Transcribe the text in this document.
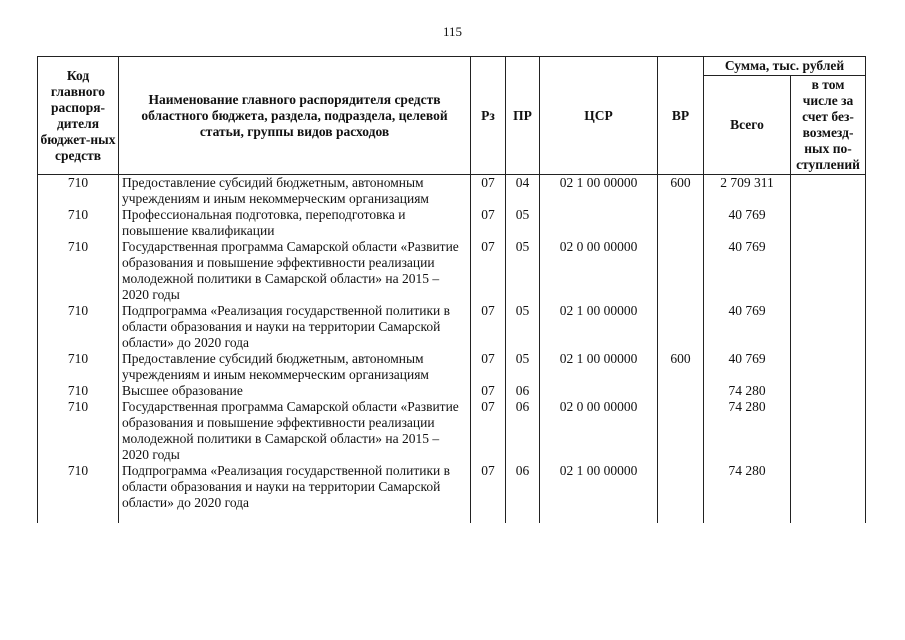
115
Код главного распоря-дителя бюджет-ных средств	Наименование главного распорядителя средств областного бюджета, раздела, подраздела, целевой статьи, группы видов расходов	Рз	ПР	ЦСР	ВР	Сумма, тыс. рублей	
						Всего	в том числе за счет без-возмезд-ных по-ступлений
710	Предоставление субсидий бюджетным, автономным учреждениям и иным некоммерческим организациям	07	04	02 1 00 00000	600	2 709 311	
710	Профессиональная подготовка, переподготовка и повышение квалификации	07	05			40 769	
710	Государственная программа Самарской области «Развитие образования и повышение эффективности реализации молодежной политики в Самарской области» на 2015 – 2020 годы	07	05	02 0 00 00000		40 769	
710	Подпрограмма «Реализация государственной политики в области образования и науки на территории Самарской области» до 2020 года	07	05	02 1 00 00000		40 769	
710	Предоставление субсидий бюджетным, автономным учреждениям и иным некоммерческим организациям	07	05	02 1 00 00000	600	40 769	
710	Высшее образование	07	06			74 280	
710	Государственная программа Самарской области «Развитие образования и повышение эффективности реализации молодежной политики в Самарской области» на 2015 – 2020 годы	07	06	02 0 00 00000		74 280	
710	Подпрограмма «Реализация государственной политики в области образования и науки на территории Самарской области» до 2020 года	07	06	02 1 00 00000		74 280	
